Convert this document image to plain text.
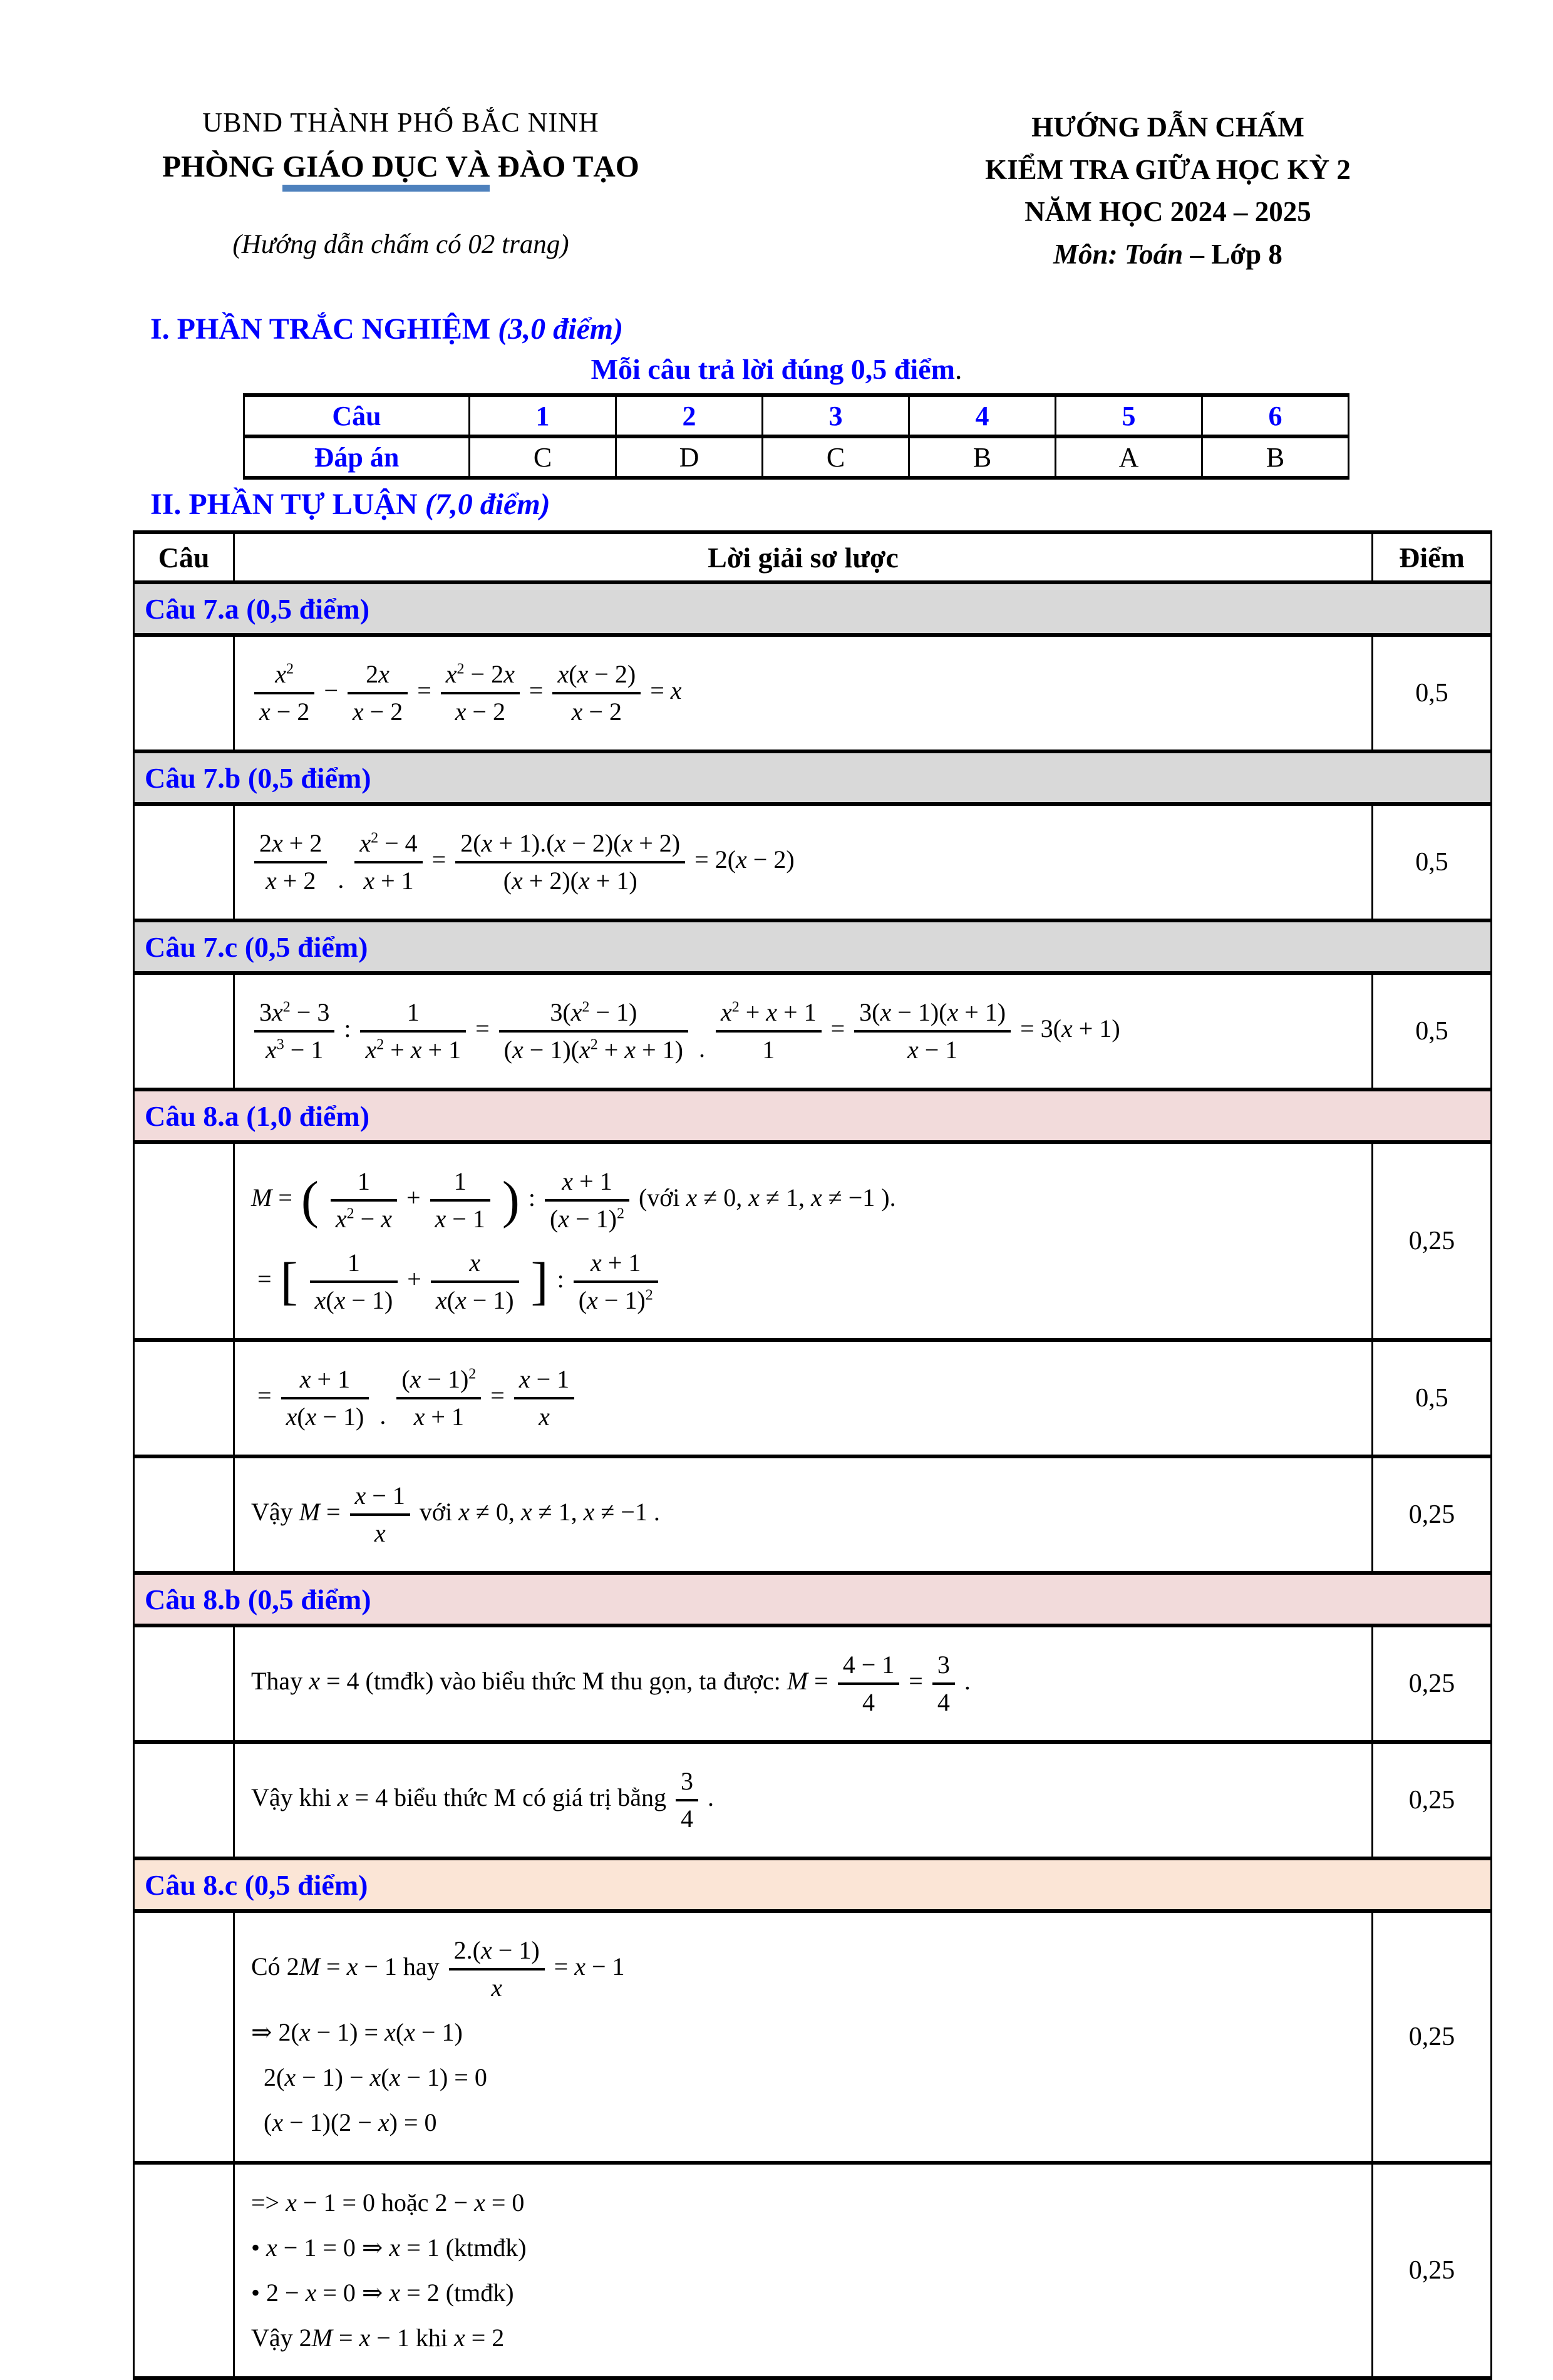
UBND THÀNH PHỐ BẮC NINH
PHÒNG GIÁO DỤC VÀ ĐÀO TẠO
(Hướng dẫn chấm có 02 trang)
HƯỚNG DẪN CHẤM
KIỂM TRA GIỮA HỌC KỲ 2
NĂM HỌC 2024 – 2025
Môn: Toán – Lớp 8
I. PHẦN TRẮC NGHIỆM (3,0 điểm)
Mỗi câu trả lời đúng 0,5 điểm.
Câu	1	2	3	4	5	6
Đáp án	C	D	C	B	A	B
II. PHẦN TỰ LUẬN (7,0 điểm)
Câu	Lời giải sơ lược	Điểm
Câu 7.a (0,5 điểm)		

$\frac{x^2}{x - 2} - \frac{2x}{x - 2} = \frac{x^2 - 2x}{x - 2} = \frac{x(x - 2)}{x - 2} = x$	0,5
Câu 7.b (0,5 điểm)		

$\frac{2x + 2}{x + 2}$ . $\frac{x^2 - 4}{x + 1} = \frac{2(x + 1).(x - 2)(x + 2)}{(x + 2)(x + 1)} = 2(x - 2)$	0,5
Câu 7.c (0,5 điểm)		

$\frac{3x^2 - 3}{x^3 - 1}$ : $\frac{1}{x^2 + x + 1} = \frac{3(x^2 - 1)}{(x - 1)(x^2 + x + 1)}$ . $\frac{x^2 + x + 1}{1} = \frac{3(x - 1)(x + 1)}{x - 1} = 3(x + 1)$	0,5
Câu 8.a (1,0 điểm)		

M = ( $\frac{1}{x^2 - x} + \frac{1}{x - 1}$ ) : $\frac{x + 1}{(x - 1)^2}$ (với x ≠ 0, x ≠ 1, x ≠ −1 ).
= [ $\frac{1}{x(x - 1)} + \frac{x}{x(x - 1)}$ ] : $\frac{x + 1}{(x - 1)^2}$
	0,25

= $\frac{x + 1}{x(x - 1)}$ . $\frac{(x - 1)^2}{x + 1} = \frac{x - 1}{x}$	0,5

	Vậy $M = \frac{x - 1}{x}$ với x ≠ 0, x ≠ 1, x ≠ −1 .	0,25
Câu 8.b (0,5 điểm)		

Thay x = 4 (tmđk) vào biểu thức M thu gọn, ta được: $M = \frac{4 - 1}{4} = \frac{3}{4}$ .	0,25

	Vậy khi x = 4 biểu thức M có giá trị bằng $\frac{3}{4}$ .	0,25
Câu 8.c (0,5 điểm)		

Có 2M = x − 1 hay $\frac{2.(x - 1)}{x} = x - 1$
⇒ 2(x − 1) = x(x − 1)
2(x − 1) − x(x − 1) = 0
(x − 1)(2 − x) = 0
	0,25

	=> x − 1 = 0 hoặc 2 − x = 0
• x − 1 = 0 ⇒ x = 1 (ktmđk)
• 2 − x = 0 ⇒ x = 2 (tmđk)
Vậy 2M = x − 1 khi x = 2	0,25
